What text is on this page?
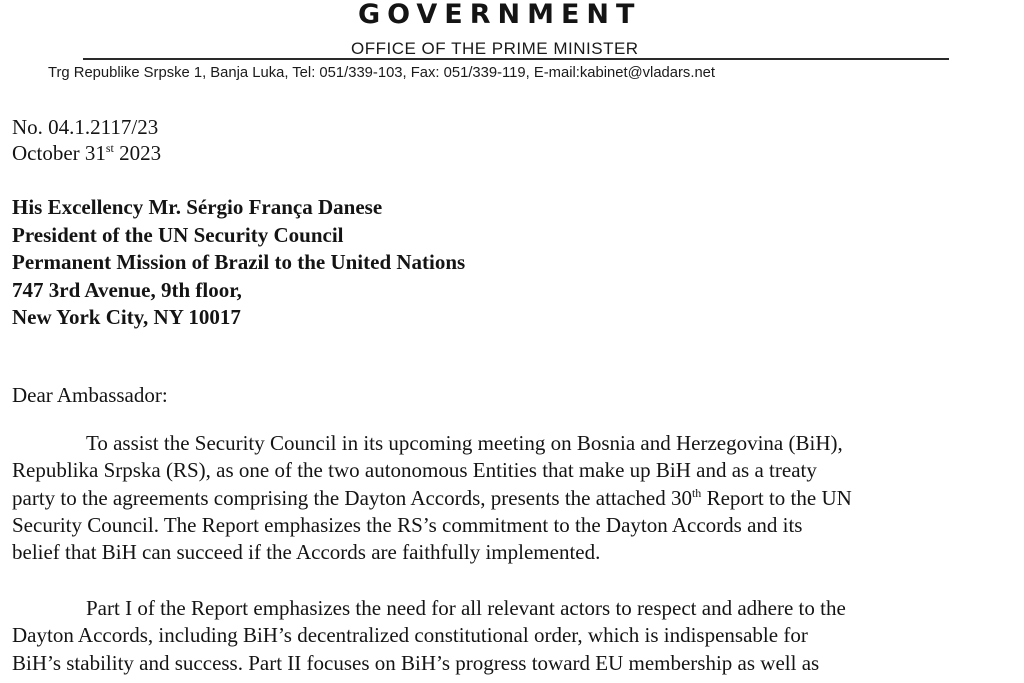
GOVERNMENT
OFFICE OF THE PRIME MINISTER
Trg Republike Srpske 1, Banja Luka, Tel: 051/339-103, Fax: 051/339-119, E-mail:kabinet@vladars.net
No. 04.1.2117/23
October 31st 2023
His Excellency Mr. Sérgio França Danese
President of the UN Security Council
Permanent Mission of Brazil to the United Nations
747 3rd Avenue, 9th floor,
New York City, NY 10017
Dear Ambassador:
To assist the Security Council in its upcoming meeting on Bosnia and Herzegovina (BiH),
Republika Srpska (RS), as one of the two autonomous Entities that make up BiH and as a treaty
party to the agreements comprising the Dayton Accords, presents the attached 30th Report to the UN
Security Council. The Report emphasizes the RS’s commitment to the Dayton Accords and its
belief that BiH can succeed if the Accords are faithfully implemented.
Part I of the Report emphasizes the need for all relevant actors to respect and adhere to the
Dayton Accords, including BiH’s decentralized constitutional order, which is indispensable for
BiH’s stability and success. Part II focuses on BiH’s progress toward EU membership as well as
